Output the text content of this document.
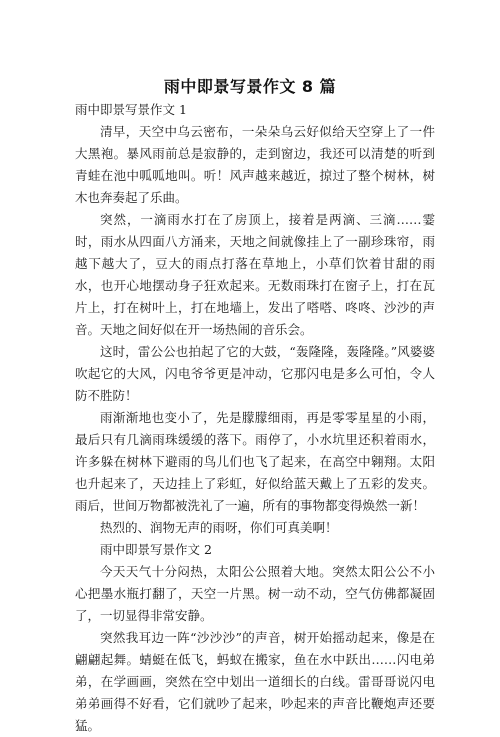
雨中即景写景作文 8 篇

雨中即景写景作文 1

清早，天空中乌云密布，一朵朵乌云好似给天空穿上了一件大黑袍。暴风雨前总是寂静的，走到窗边，我还可以清楚的听到青蛙在池中呱呱地叫。听！风声越来越近，掠过了整个树林，树木也奔奏起了乐曲。

突然，一滴雨水打在了房顶上，接着是两滴、三滴……霎时，雨水从四面八方涌来，天地之间就像挂上了一副珍珠帘，雨越下越大了，豆大的雨点打落在草地上，小草们饮着甘甜的雨水，也开心地摆动身子狂欢起来。无数雨珠打在窗子上，打在瓦片上，打在树叶上，打在地墙上，发出了嗒嗒、咚咚、沙沙的声音。天地之间好似在开一场热闹的音乐会。

这时，雷公公也拍起了它的大鼓，“轰隆隆，轰隆隆。”风婆婆吹起它的大风，闪电爷爷更是冲动，它那闪电是多么可怕，令人防不胜防！

雨渐渐地也变小了，先是朦朦细雨，再是零零星星的小雨，最后只有几滴雨珠缓缓的落下。雨停了，小水坑里还积着雨水，许多躲在树林下避雨的鸟儿们也飞了起来，在高空中翱翔。太阳也升起来了，天边挂上了彩虹，好似给蓝天戴上了五彩的发夹。雨后，世间万物都被洗礼了一遍，所有的事物都变得焕然一新！

热烈的、润物无声的雨呀，你们可真美啊！

雨中即景写景作文 2

今天天气十分闷热，太阳公公照着大地。突然太阳公公不小心把墨水瓶打翻了，天空一片黑。树一动不动，空气仿佛都凝固了，一切显得非常安静。

突然我耳边一阵“沙沙沙”的声音，树开始摇动起来，像是在翩翩起舞。蜻蜓在低飞，蚂蚁在搬家，鱼在水中跃出……闪电弟弟，在学画画，突然在空中划出一道细长的白线。雷哥哥说闪电弟弟画得不好看，它们就吵了起来，吵起来的声音比鞭炮声还要猛。
